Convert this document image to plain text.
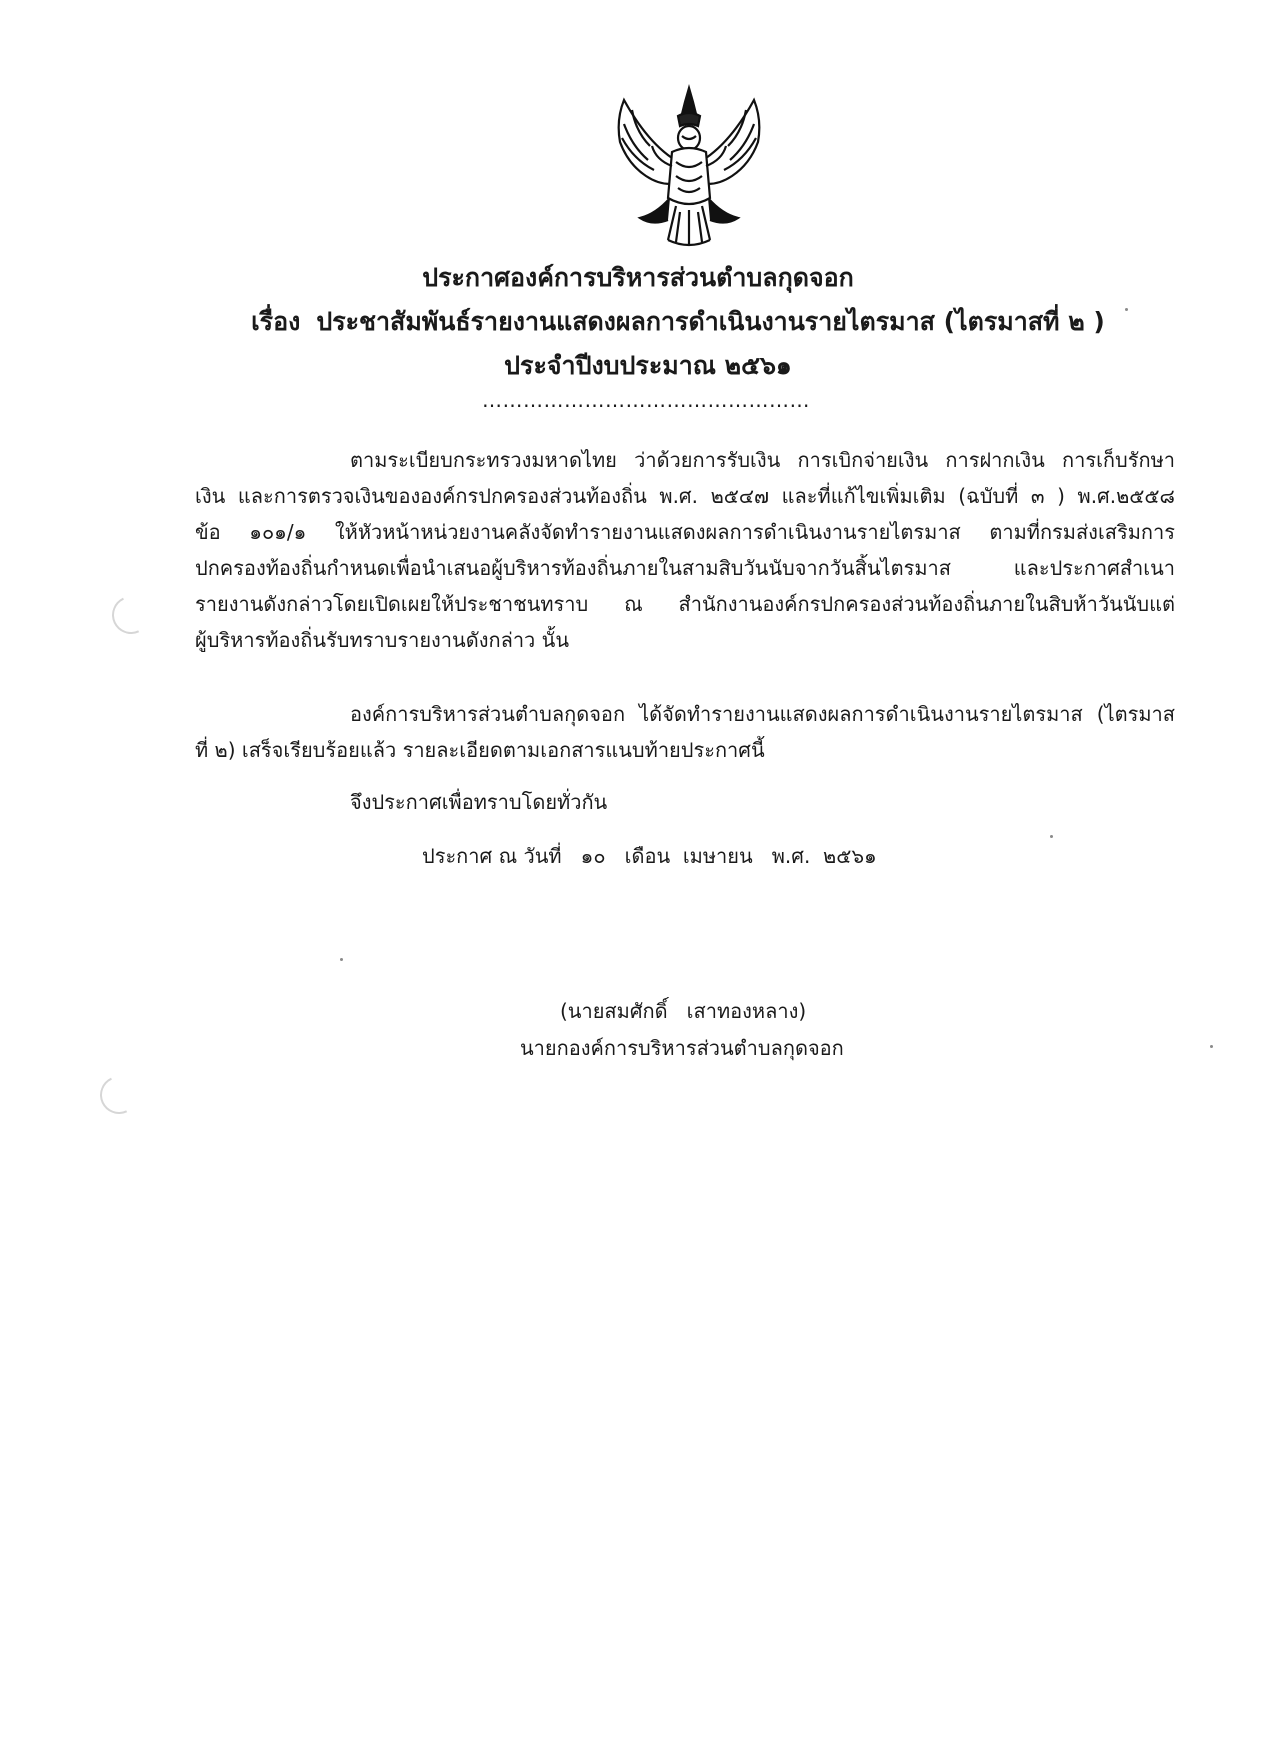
ประกาศองค์การบริหารส่วนตำบลกุดจอก
เรื่อง ประชาสัมพันธ์รายงานแสดงผลการดำเนินงานรายไตรมาส (ไตรมาสที่ ๒ )
ประจำปีงบประมาณ ๒๕๖๑
…………………………………………
ตามระเบียบกระทรวงมหาดไทย ว่าด้วยการรับเงิน การเบิกจ่ายเงิน การฝากเงิน การเก็บรักษา
เงิน และการตรวจเงินขององค์กรปกครองส่วนท้องถิ่น พ.ศ. ๒๕๔๗ และที่แก้ไขเพิ่มเติม (ฉบับที่ ๓ ) พ.ศ.๒๕๕๘
ข้อ ๑๐๑/๑ ให้หัวหน้าหน่วยงานคลังจัดทำรายงานแสดงผลการดำเนินงานรายไตรมาส ตามที่กรมส่งเสริมการ
ปกครองท้องถิ่นกำหนดเพื่อนำเสนอผู้บริหารท้องถิ่นภายในสามสิบวันนับจากวันสิ้นไตรมาส และประกาศสำเนา
รายงานดังกล่าวโดยเปิดเผยให้ประชาชนทราบ ณ สำนักงานองค์กรปกครองส่วนท้องถิ่นภายในสิบห้าวันนับแต่
ผู้บริหารท้องถิ่นรับทราบรายงานดังกล่าว นั้น
องค์การบริหารส่วนตำบลกุดจอก ได้จัดทำรายงานแสดงผลการดำเนินงานรายไตรมาส (ไตรมาส
ที่ ๒) เสร็จเรียบร้อยแล้ว รายละเอียดตามเอกสารแนบท้ายประกาศนี้
จึงประกาศเพื่อทราบโดยทั่วกัน
ประกาศ ณ วันที่   ๑๐   เดือน  เมษายน   พ.ศ.  ๒๕๖๑
(นายสมศักดิ์   เสาทองหลาง)
นายกองค์การบริหารส่วนตำบลกุดจอก
